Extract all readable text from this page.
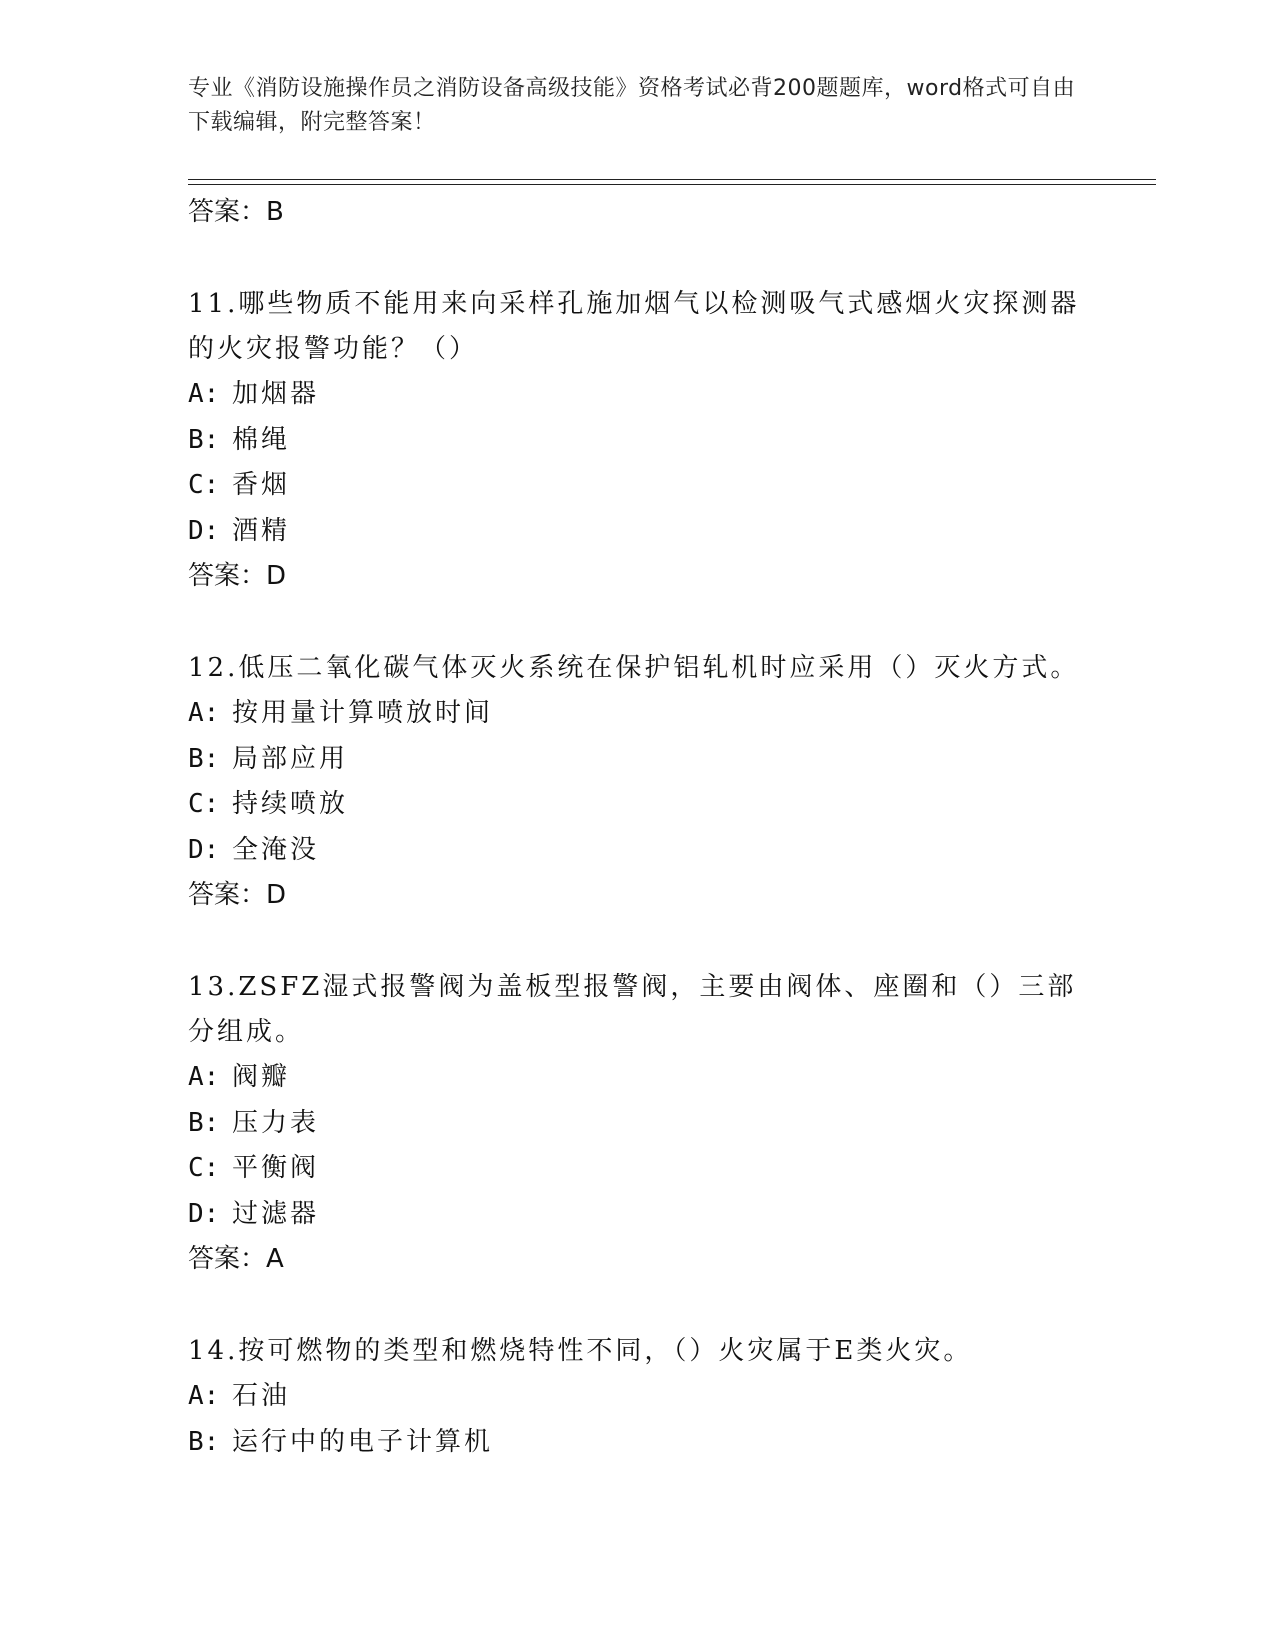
专业《消防设施操作员之消防设备高级技能》资格考试必背200题题库，word格式可自由下载编辑，附完整答案！
答案：B
11.哪些物质不能用来向采样孔施加烟气以检测吸气式感烟火灾探测器的火灾报警功能？（）
A: 加烟器
B: 棉绳
C: 香烟
D: 酒精
答案：D
12.低压二氧化碳气体灭火系统在保护铝轧机时应采用（）灭火方式。
A: 按用量计算喷放时间
B: 局部应用
C: 持续喷放
D: 全淹没
答案：D
13.ZSFZ湿式报警阀为盖板型报警阀，主要由阀体、座圈和（）三部分组成。
A: 阀瓣
B: 压力表
C: 平衡阀
D: 过滤器
答案：A
14.按可燃物的类型和燃烧特性不同，（）火灾属于E类火灾。
A: 石油
B: 运行中的电子计算机
